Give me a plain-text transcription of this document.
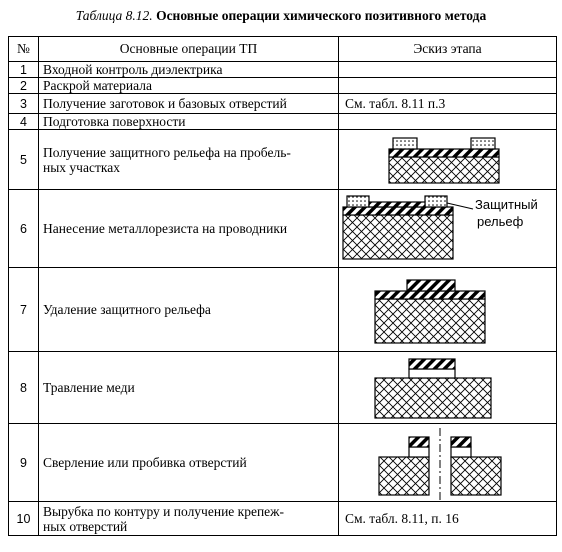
Таблица 8.12. Основные операции химического позитивного метода
№	Основные операции ТП	Эскиз этапа
1	Входной контроль диэлектрика	
2	Раскрой материала	
3	Получение заготовок и базовых отверстий	См. табл. 8.11 п.3
4	Подготовка поверхности	
5	Получение защитного рельефа на пробель-
ных участках	

6	Нанесение металлорезиста на проводники	Защитный
рельеф

7	Удаление защитного рельефа	

8	Травление меди	

9	Сверление или пробивка отверстий	

10	Вырубка по контуру и получение крепеж-
ных отверстий	См. табл. 8.11, п. 16
